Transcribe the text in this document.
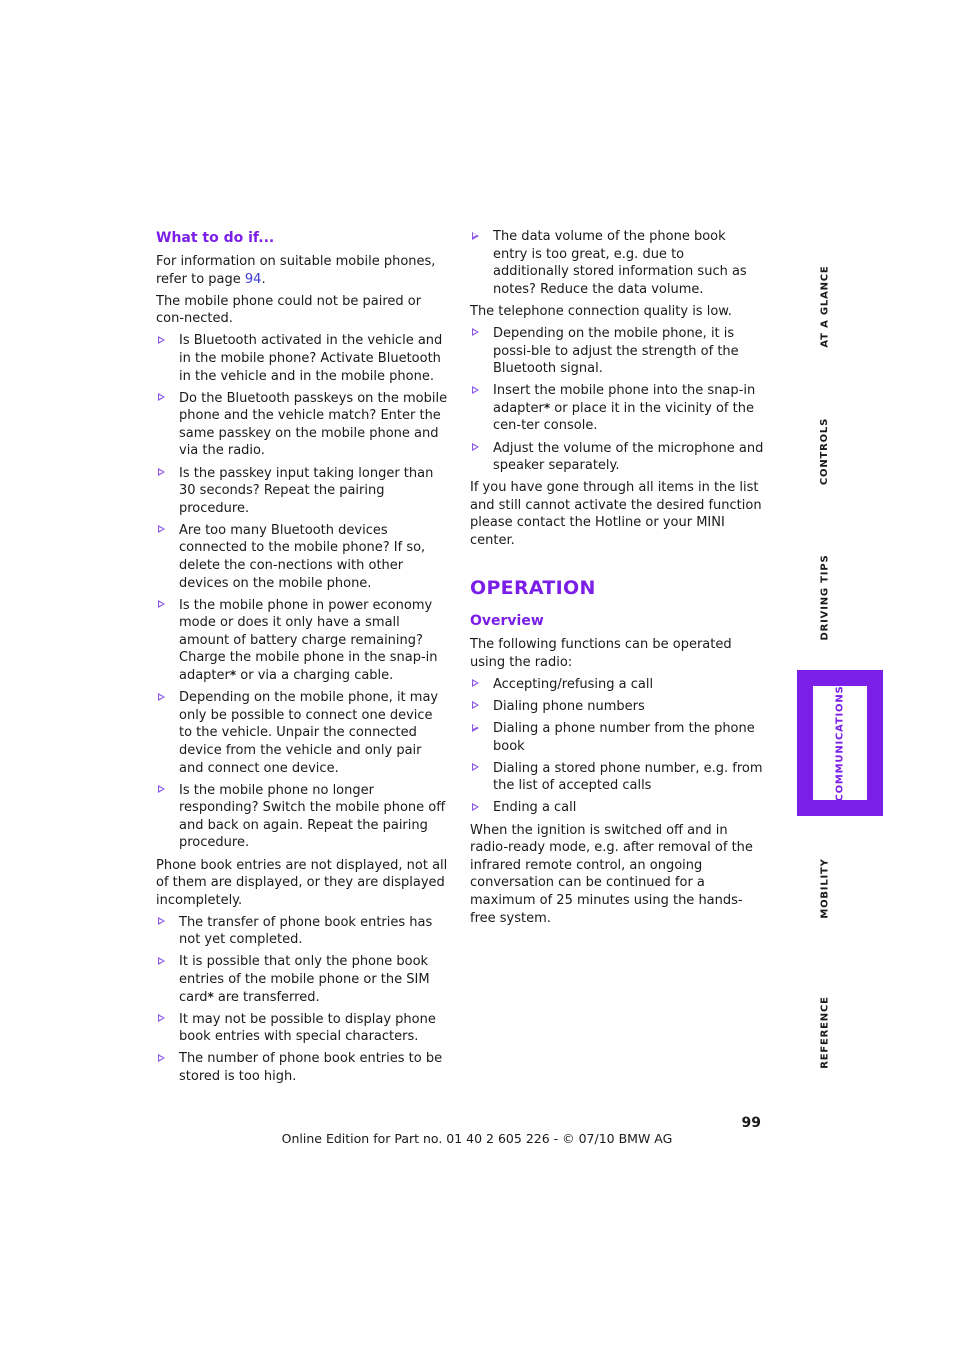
What to do if...

For information on suitable mobile phones, refer to page 94.

The mobile phone could not be paired or con-nected.

Is Bluetooth activated in the vehicle and in the mobile phone? Activate Bluetooth in the vehicle and in the mobile phone.
Do the Bluetooth passkeys on the mobile phone and the vehicle match? Enter the same passkey on the mobile phone and via the radio.
Is the passkey input taking longer than 30 seconds? Repeat the pairing procedure.
Are too many Bluetooth devices connected to the mobile phone? If so, delete the con-nections with other devices on the mobile phone.
Is the mobile phone in power economy mode or does it only have a small amount of battery charge remaining? Charge the mobile phone in the snap-in adapter* or via a charging cable.
Depending on the mobile phone, it may only be possible to connect one device to the vehicle. Unpair the connected device from the vehicle and only pair and connect one device.
Is the mobile phone no longer responding? Switch the mobile phone off and back on again. Repeat the pairing procedure.

Phone book entries are not displayed, not all of them are displayed, or they are displayed incompletely.

The transfer of phone book entries has not yet completed.
It is possible that only the phone book entries of the mobile phone or the SIM card* are transferred.
It may not be possible to display phone book entries with special characters.
The number of phone book entries to be stored is too high.
The data volume of the phone book entry is too great, e.g. due to additionally stored information such as notes? Reduce the data volume.

The telephone connection quality is low.

Depending on the mobile phone, it is possi-ble to adjust the strength of the Bluetooth signal.
Insert the mobile phone into the snap-in adapter* or place it in the vicinity of the cen-ter console.
Adjust the volume of the microphone and speaker separately.

If you have gone through all items in the list and still cannot activate the desired function please contact the Hotline or your MINI center.

OPERATION
Overview

The following functions can be operated using the radio:

Accepting/refusing a call
Dialing phone numbers
Dialing a phone number from the phone book
Dialing a stored phone number, e.g. from the list of accepted calls
Ending a call

When the ignition is switched off and in radio-ready mode, e.g. after removal of the infrared remote control, an ongoing conversation can be continued for a maximum of 25 minutes using the hands-free system.

AT A GLANCE
CONTROLS
DRIVING TIPS
COMMUNICATIONS
MOBILITY
REFERENCE
99
Online Edition for Part no. 01 40 2 605 226 - © 07/10 BMW AG
